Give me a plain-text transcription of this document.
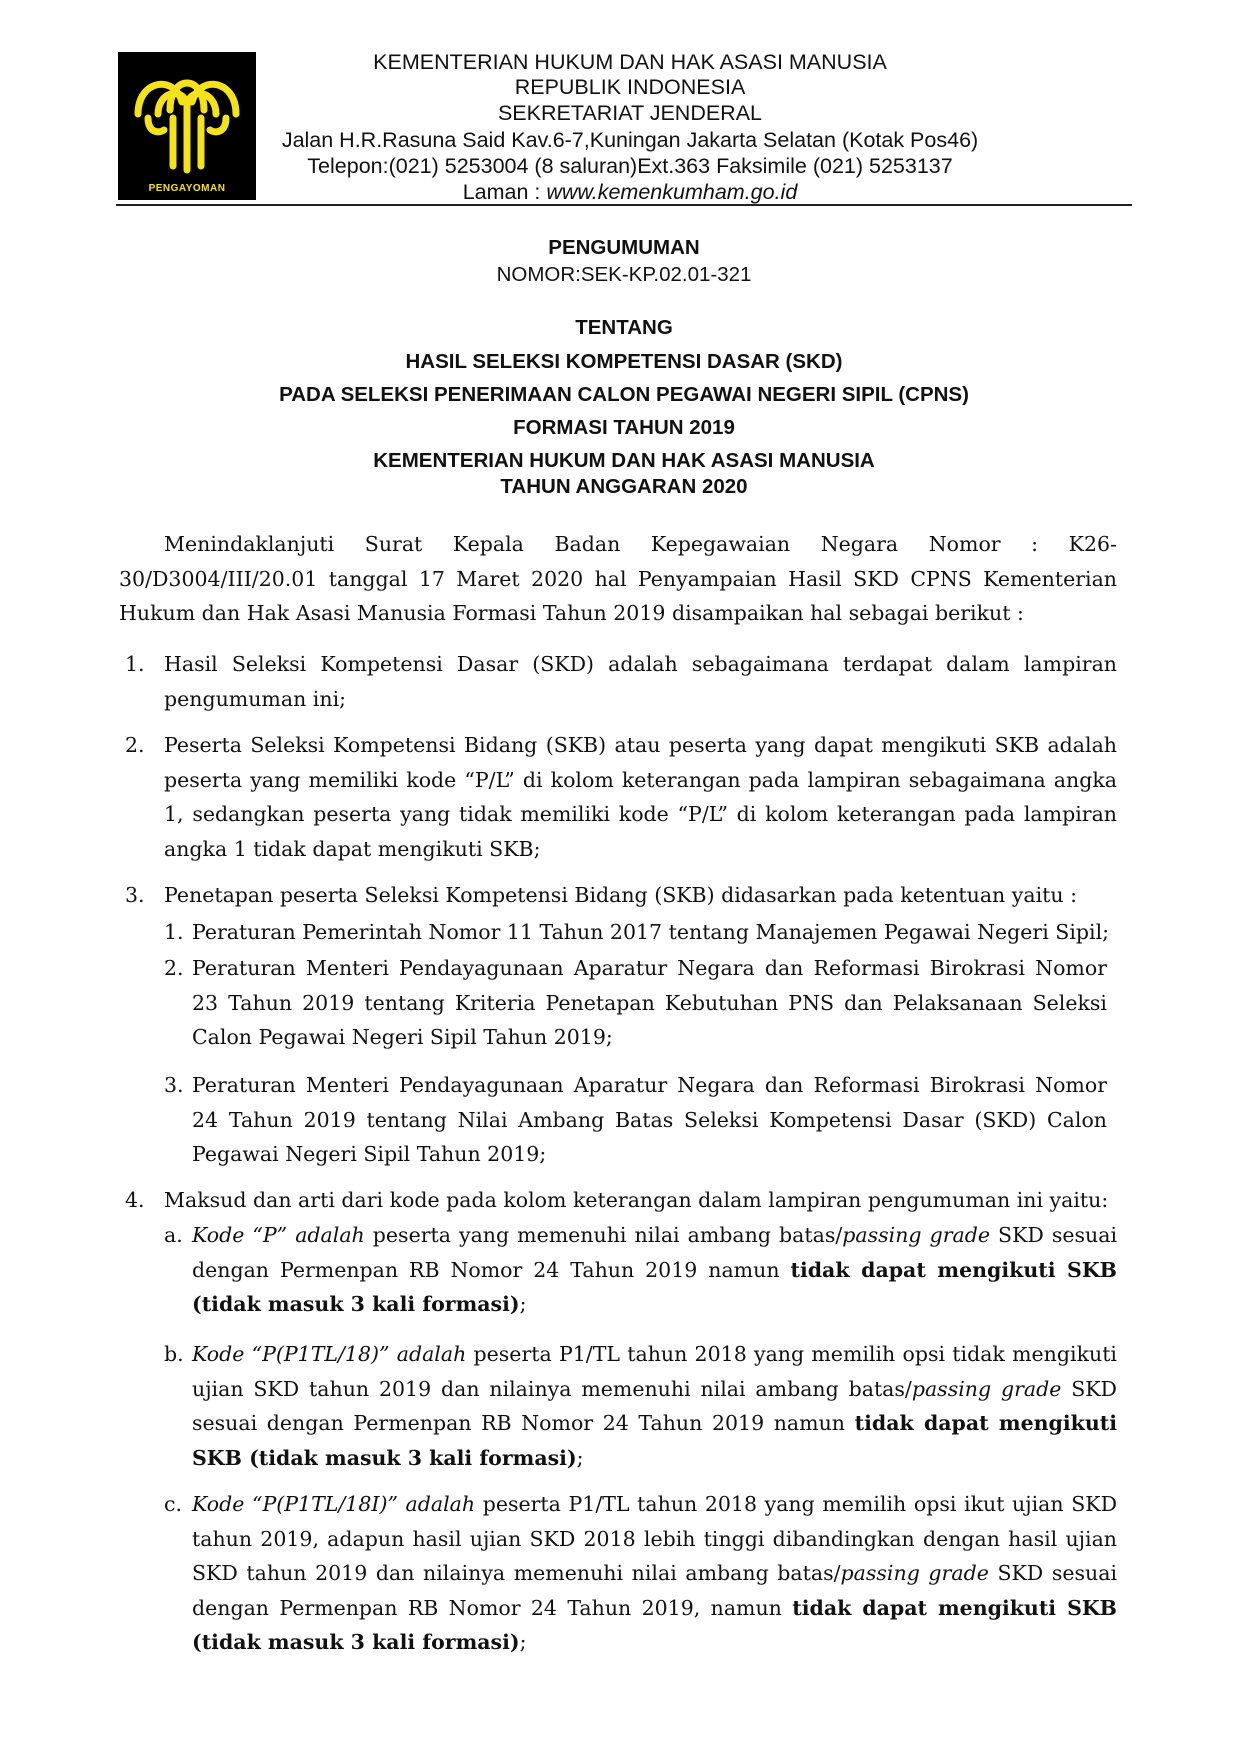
PENGAYOMAN
KEMENTERIAN HUKUM DAN HAK ASASI MANUSIA
REPUBLIK INDONESIA
SEKRETARIAT JENDERAL
Jalan H.R.Rasuna Said Kav.6-7,Kuningan Jakarta Selatan (Kotak Pos46)
Telepon:(021) 5253004 (8 saluran)Ext.363 Faksimile (021) 5253137
Laman : www.kemenkumham.go.id
PENGUMUMAN
NOMOR:SEK-KP.02.01-321
TENTANG
HASIL SELEKSI KOMPETENSI DASAR (SKD)
PADA SELEKSI PENERIMAAN CALON PEGAWAI NEGERI SIPIL (CPNS)
FORMASI TAHUN 2019
KEMENTERIAN HUKUM DAN HAK ASASI MANUSIA
TAHUN ANGGARAN 2020
Menindaklanjuti Surat Kepala Badan Kepegawaian Negara Nomor : K26-30/D3004/III/20.01 tanggal 17 Maret 2020 hal Penyampaian Hasil SKD CPNS Kementerian Hukum dan Hak Asasi Manusia Formasi Tahun 2019 disampaikan hal sebagai berikut :
1. Hasil Seleksi Kompetensi Dasar (SKD) adalah sebagaimana terdapat dalam lampiran pengumuman ini;
2. Peserta Seleksi Kompetensi Bidang (SKB) atau peserta yang dapat mengikuti SKB adalah peserta yang memiliki kode “P/L” di kolom keterangan pada lampiran sebagaimana angka 1, sedangkan peserta yang tidak memiliki kode “P/L” di kolom keterangan pada lampiran angka 1 tidak dapat mengikuti SKB;
3. Penetapan peserta Seleksi Kompetensi Bidang (SKB) didasarkan pada ketentuan yaitu :
1. Peraturan Pemerintah Nomor 11 Tahun 2017 tentang Manajemen Pegawai Negeri Sipil;
2. Peraturan Menteri Pendayagunaan Aparatur Negara dan Reformasi Birokrasi Nomor 23 Tahun 2019 tentang Kriteria Penetapan Kebutuhan PNS dan Pelaksanaan Seleksi Calon Pegawai Negeri Sipil Tahun 2019;
3. Peraturan Menteri Pendayagunaan Aparatur Negara dan Reformasi Birokrasi Nomor 24 Tahun 2019 tentang Nilai Ambang Batas Seleksi Kompetensi Dasar (SKD) Calon Pegawai Negeri Sipil Tahun 2019;
4. Maksud dan arti dari kode pada kolom keterangan dalam lampiran pengumuman ini yaitu:
a. Kode “P” adalah peserta yang memenuhi nilai ambang batas/passing grade SKD sesuai dengan Permenpan RB Nomor 24 Tahun 2019 namun tidak dapat mengikuti SKB (tidak masuk 3 kali formasi);
b. Kode “P(P1TL/18)” adalah peserta P1/TL tahun 2018 yang memilih opsi tidak mengikuti ujian SKD tahun 2019 dan nilainya memenuhi nilai ambang batas/passing grade SKD sesuai dengan Permenpan RB Nomor 24 Tahun 2019 namun tidak dapat mengikuti SKB (tidak masuk 3 kali formasi);
c. Kode “P(P1TL/18I)” adalah peserta P1/TL tahun 2018 yang memilih opsi ikut ujian SKD tahun 2019, adapun hasil ujian SKD 2018 lebih tinggi dibandingkan dengan hasil ujian SKD tahun 2019 dan nilainya memenuhi nilai ambang batas/passing grade SKD sesuai dengan Permenpan RB Nomor 24 Tahun 2019, namun tidak dapat mengikuti SKB (tidak masuk 3 kali formasi);
